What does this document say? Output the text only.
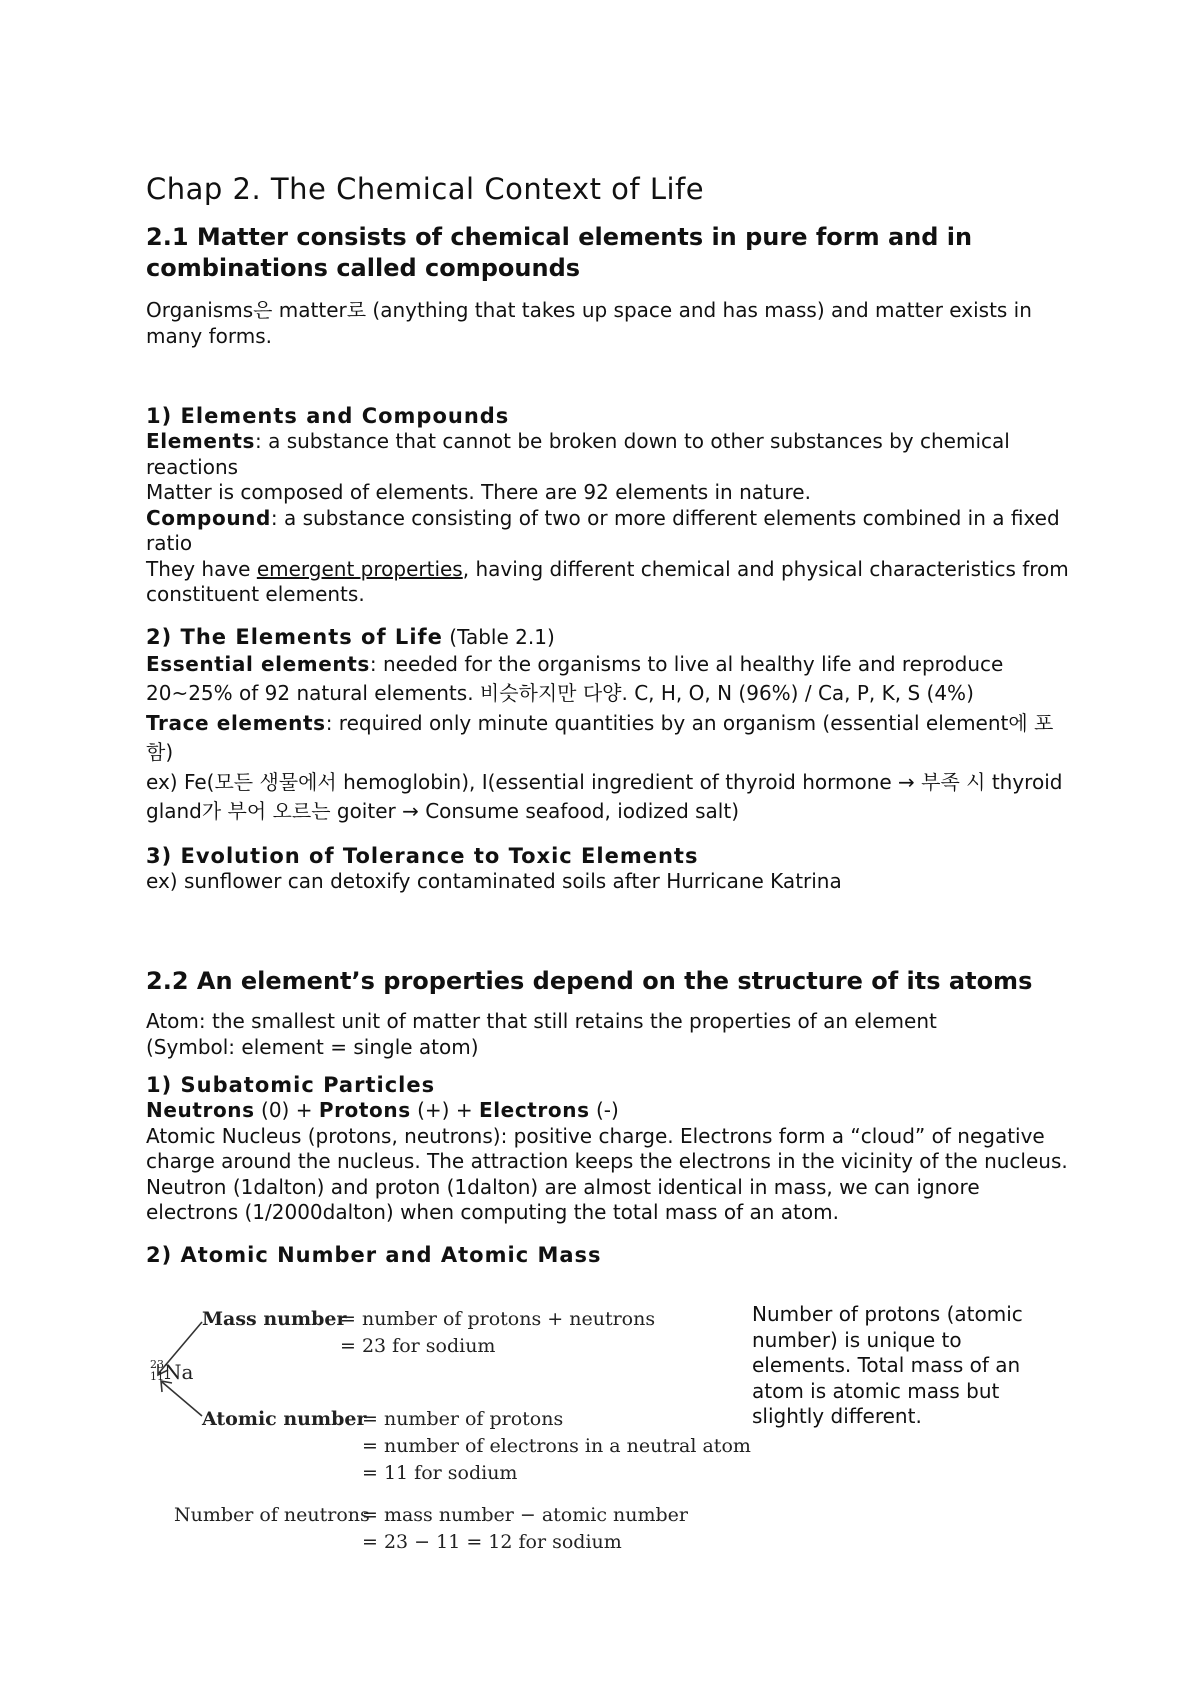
Chap 2. The Chemical Context of Life
2.1 Matter consists of chemical elements in pure form and in combinations called compounds

Organisms은 matter로 (anything that takes up space and has mass) and matter exists in many forms.

1) Elements and Compounds

Elements: a substance that cannot be broken down to other substances by chemical reactions

Matter is composed of elements. There are 92 elements in nature.

Compound: a substance consisting of two or more different elements combined in a fixed ratio

They have emergent properties, having different chemical and physical characteristics from constituent elements.

2) The Elements of Life (Table 2.1)

Essential elements: needed for the organisms to live al healthy life and reproduce

20~25% of 92 natural elements. 비슷하지만 다양. C, H, O, N (96%) / Ca, P, K, S (4%)

Trace elements: required only minute quantities by an organism (essential element에 포함)

ex) Fe(모든 생물에서 hemoglobin), I(essential ingredient of thyroid hormone → 부족 시 thyroid gland가 부어 오르는 goiter → Consume seafood, iodized salt)

3) Evolution of Tolerance to Toxic Elements

ex) sunflower can detoxify contaminated soils after Hurricane Katrina

2.2 An element’s properties depend on the structure of its atoms

Atom: the smallest unit of matter that still retains the properties of an element

(Symbol: element = single atom)

1) Subatomic Particles

Neutrons (0) + Protons (+) + Electrons (-)

Atomic Nucleus (protons, neutrons): positive charge. Electrons form a “cloud” of negative charge around the nucleus. The attraction keeps the electrons in the vicinity of the nucleus.

Neutron (1dalton) and proton (1dalton) are almost identical in mass, we can ignore electrons (1/2000dalton) when computing the total mass of an atom.

2) Atomic Number and Atomic Mass
Mass number
= number of protons + neutrons
= 23 for sodium
23
11 Na
Atomic number
= number of protons
= number of electrons in a neutral atom
= 11 for sodium
Number of neutrons
= mass number − atomic number
= 23 − 11 = 12 for sodium

Number of protons (atomic number) is unique to elements. Total mass of an atom is atomic mass but slightly different.
